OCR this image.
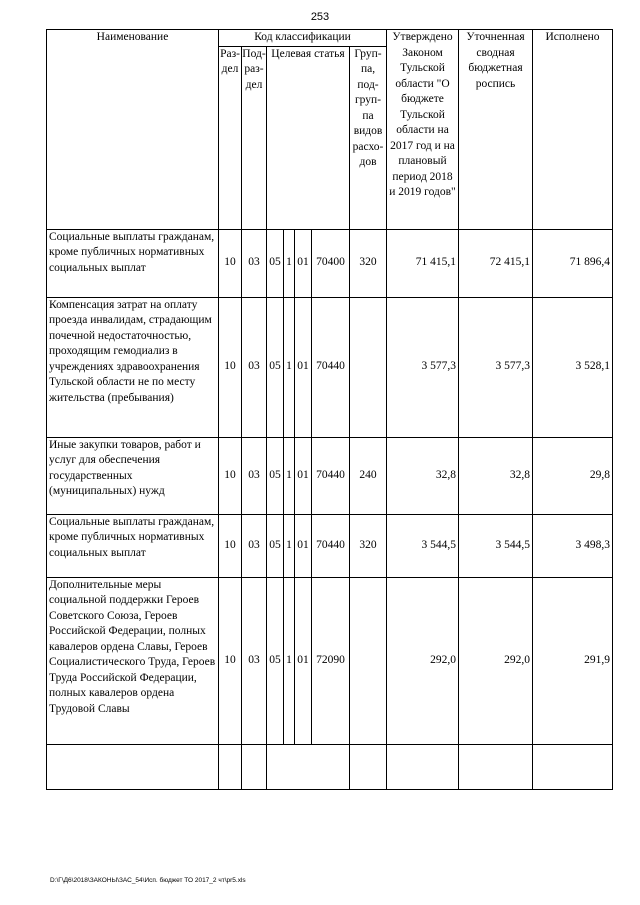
253
Наименование	Код классификации							Утверждено Законом Тульской области "О бюджете Тульской области на 2017 год и на плановый период 2018 и 2019 годов"	Уточненная сводная бюджетная роспись	Исполнено
	Раз-дел	Под-раз-дел	Целевая статья				Груп-па, под-груп-па видов расхо-дов			
Социальные выплаты гражданам, кроме публичных нормативных социальных выплат	10	03	05	1	01	70400	320	71 415,1	72 415,1	71 896,4
Компенсация затрат на оплату проезда инвалидам, страдающим почечной недостаточностью, проходящим гемодиализ в учреждениях здравоохранения Тульской области не по месту жительства (пребывания)	10	03	05	1	01	70440		3 577,3	3 577,3	3 528,1
Иные закупки товаров, работ и услуг для обеспечения государственных (муниципальных) нужд	10	03	05	1	01	70440	240	32,8	32,8	29,8
Социальные выплаты гражданам, кроме публичных нормативных социальных выплат	10	03	05	1	01	70440	320	3 544,5	3 544,5	3 498,3
Дополнительные меры социальной поддержки Героев Советского Союза, Героев Российской Федерации, полных кавалеров ордена Славы, Героев Социалистического Труда, Героев Труда Российской Федерации, полных кавалеров ордена Трудовой Славы	10	03	05	1	01	72090		292,0	292,0	291,9

D:\Г\Д6\2018\ЗАКОНЫ\ЗАС_54\Исп. бюджет ТО 2017_2 чт\pr5.xls
